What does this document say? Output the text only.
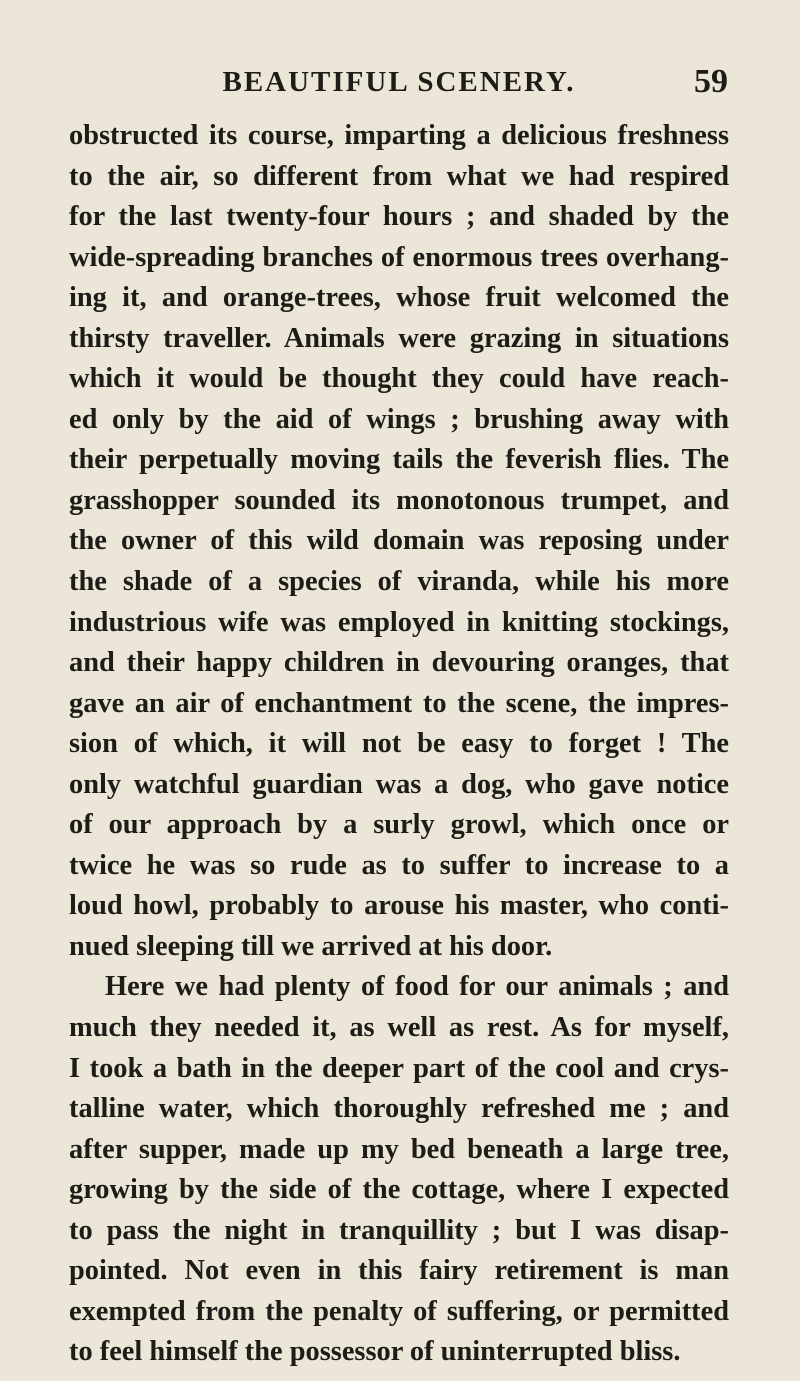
BEAUTIFUL SCENERY.	59
obstructed its course, imparting a delicious freshness
to the air, so different from what we had respired
for the last twenty-four hours ; and shaded by the
wide-spreading branches of enormous trees overhang-
ing it, and orange-trees, whose fruit welcomed the
thirsty traveller. Animals were grazing in situations
which it would be thought they could have reach-
ed only by the aid of wings ; brushing away with
their perpetually moving tails the feverish flies. The
grasshopper sounded its monotonous trumpet, and
the owner of this wild domain was reposing under
the shade of a species of viranda, while his more
industrious wife was employed in knitting stockings,
and their happy children in devouring oranges, that
gave an air of enchantment to the scene, the impres-
sion of which, it will not be easy to forget ! The
only watchful guardian was a dog, who gave notice
of our approach by a surly growl, which once or
twice he was so rude as to suffer to increase to a
loud howl, probably to arouse his master, who conti-
nued sleeping till we arrived at his door.
Here we had plenty of food for our animals ; and
much they needed it, as well as rest. As for myself,
I took a bath in the deeper part of the cool and crys-
talline water, which thoroughly refreshed me ; and
after supper, made up my bed beneath a large tree,
growing by the side of the cottage, where I expected
to pass the night in tranquillity ; but I was disap-
pointed. Not even in this fairy retirement is man
exempted from the penalty of suffering, or permitted
to feel himself the possessor of uninterrupted bliss.
